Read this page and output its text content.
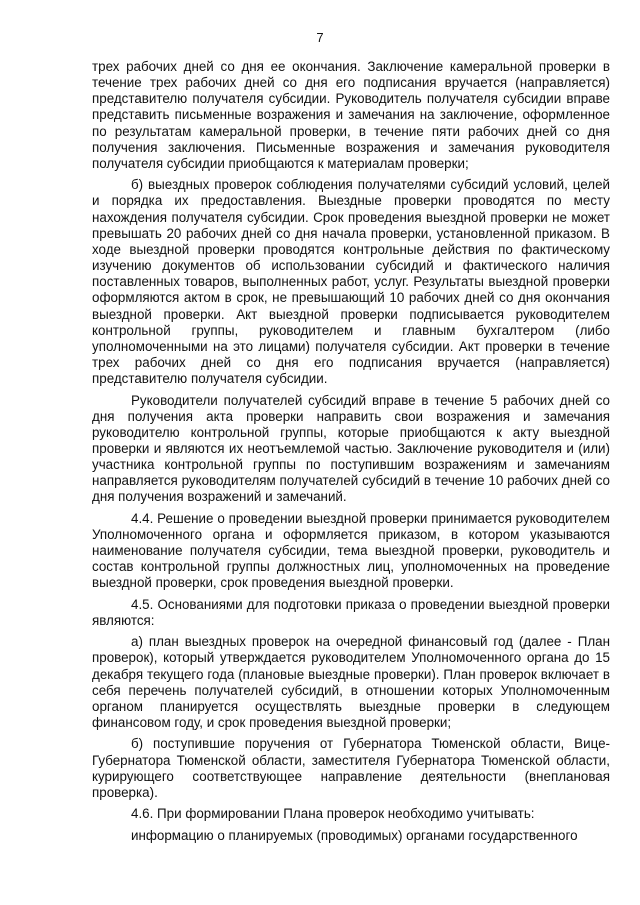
7

трех рабочих дней со дня ее окончания. Заключение камеральной проверки в течение трех рабочих дней со дня его подписания вручается (направляется) представителю получателя субсидии. Руководитель получателя субсидии вправе представить письменные возражения и замечания на заключение, оформленное по результатам камеральной проверки, в течение пяти рабочих дней со дня получения заключения. Письменные возражения и замечания руководителя получателя субсидии приобщаются к материалам проверки;

б) выездных проверок соблюдения получателями субсидий условий, целей и порядка их предоставления. Выездные проверки проводятся по месту нахождения получателя субсидии. Срок проведения выездной проверки не может превышать 20 рабочих дней со дня начала проверки, установленной приказом. В ходе выездной проверки проводятся контрольные действия по фактическому изучению документов об использовании субсидий и фактического наличия поставленных товаров, выполненных работ, услуг. Результаты выездной проверки оформляются актом в срок, не превышающий 10 рабочих дней со дня окончания выездной проверки. Акт выездной проверки подписывается руководителем контрольной группы, руководителем и главным бухгалтером (либо уполномоченными на это лицами) получателя субсидии. Акт проверки в течение трех рабочих дней со дня его подписания вручается (направляется) представителю получателя субсидии.

Руководители получателей субсидий вправе в течение 5 рабочих дней со дня получения акта проверки направить свои возражения и замечания руководителю контрольной группы, которые приобщаются к акту выездной проверки и являются их неотъемлемой частью. Заключение руководителя и (или) участника контрольной группы по поступившим возражениям и замечаниям направляется руководителям получателей субсидий в течение 10 рабочих дней со дня получения возражений и замечаний.

4.4. Решение о проведении выездной проверки принимается руководителем Уполномоченного органа и оформляется приказом, в котором указываются наименование получателя субсидии, тема выездной проверки, руководитель и состав контрольной группы должностных лиц, уполномоченных на проведение выездной проверки, срок проведения выездной проверки.

4.5. Основаниями для подготовки приказа о проведении выездной проверки являются:

а) план выездных проверок на очередной финансовый год (далее - План проверок), который утверждается руководителем Уполномоченного органа до 15 декабря текущего года (плановые выездные проверки). План проверок включает в себя перечень получателей субсидий, в отношении которых Уполномоченным органом планируется осуществлять выездные проверки в следующем финансовом году, и срок проведения выездной проверки;

б) поступившие поручения от Губернатора Тюменской области, Вице-Губернатора Тюменской области, заместителя Губернатора Тюменской области, курирующего соответствующее направление деятельности (внеплановая проверка).

4.6. При формировании Плана проверок необходимо учитывать:

информацию о планируемых (проводимых) органами государственного
